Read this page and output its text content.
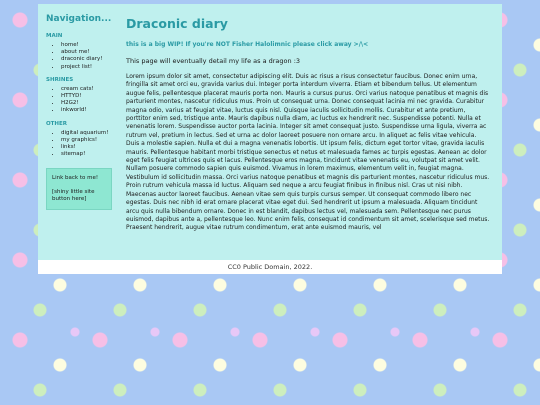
Navigation...
MAIN
• home!
• about me!
• draconic diary!
• project list!
SHRINES
• cream cats!
• HTTYD!
• H2G2!
• inkworld!
OTHER
• digital aquarium!
• my graphics!
• links!
• sitemap!
Link back to me!
[shiny little site button here]
Draconic diary

this is a big WIP! If you're NOT Fisher Halolimnic please click away >/\<

This page will eventually detail my life as a dragon :3

Lorem ipsum dolor sit amet, consectetur adipiscing elit. Duis ac risus a risus consectetur faucibus. Donec enim urna, fringilla sit amet orci eu, gravida varius dui. Integer porta interdum viverra. Etiam et bibendum tellus. Ut elementum augue felis, pellentesque placerat mauris porta non. Mauris a cursus purus. Orci varius natoque penatibus et magnis dis parturient montes, nascetur ridiculus mus. Proin ut consequat urna. Donec consequat lacinia mi nec gravida. Curabitur magna odio, varius at feugiat vitae, luctus quis nisl. Quisque iaculis sollicitudin mollis. Curabitur et ante pretium, porttitor enim sed, tristique ante. Mauris dapibus nulla diam, ac luctus ex hendrerit nec. Suspendisse potenti. Nulla et venenatis lorem. Suspendisse auctor porta lacinia. Integer sit amet consequat justo. Suspendisse urna ligula, viverra ac rutrum vel, pretium in lectus. Sed et urna ac dolor laoreet posuere non ornare arcu. In aliquet ac felis vitae vehicula. Duis a molestie sapien. Nulla et dui a magna venenatis lobortis. Ut ipsum felis, dictum eget tortor vitae, gravida iaculis mauris. Pellentesque habitant morbi tristique senectus et netus et malesuada fames ac turpis egestas. Aenean ac dolor eget felis feugiat ultrices quis et lacus. Pellentesque eros magna, tincidunt vitae venenatis eu, volutpat sit amet velit. Nullam posuere commodo sapien quis euismod. Vivamus in lorem maximus, elementum velit in, feugiat magna. Vestibulum id sollicitudin massa. Orci varius natoque penatibus et magnis dis parturient montes, nascetur ridiculus mus. Proin rutrum vehicula massa id luctus. Aliquam sed neque a arcu feugiat finibus in finibus nisl. Cras ut nisi nibh. Maecenas auctor laoreet faucibus. Aenean vitae sem quis turpis cursus semper. Ut consequat commodo libero nec egestas. Duis nec nibh id erat ornare placerat vitae eget dui. Sed hendrerit ut ipsum a malesuada. Aliquam tincidunt arcu quis nulla bibendum ornare. Donec in est blandit, dapibus lectus vel, malesuada sem. Pellentesque nec purus euismod, dapibus ante a, pellentesque leo. Nunc enim felis, consequat id condimentum sit amet, scelerisque sed metus. Praesent hendrerit, augue vitae rutrum condimentum, erat ante euismod mauris, vel

CC0 Public Domain, 2022.
